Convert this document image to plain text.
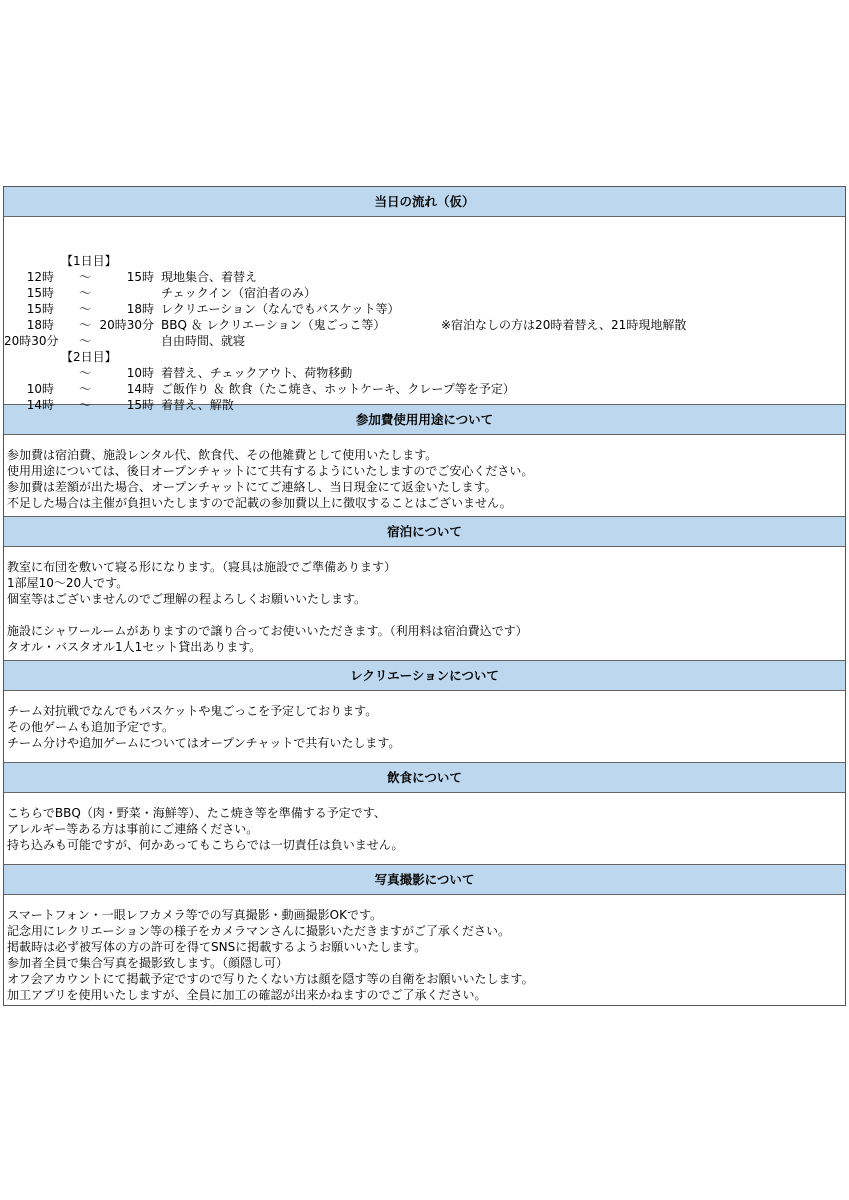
当日の流れ（仮）

【1日目】

12時 ～	15時 現地集合、着替え
15時 ～	チェックイン（宿泊者のみ）
15時 ～	18時 レクリエーション（なんでもバスケット等）
18時 ～ 20時30分 BBQ ＆ レクリエーション（鬼ごっこ等）	※宿泊なしの方は20時着替え、21時現地解散
20時30分 ～	自由時間、就寝

【2日目】

～	10時 着替え、チェックアウト、荷物移動
10時 ～	14時 ご飯作り ＆ 飲食（たこ焼き、ホットケーキ、クレープ等を予定）
14時 ～	15時 着替え、解散
参加費使用用途について
参加費は宿泊費、施設レンタル代、飲食代、その他雑費として使用いたします。
使用用途については、後日オープンチャットにて共有するようにいたしますのでご安心ください。
参加費は差額が出た場合、オープンチャットにてご連絡し、当日現金にて返金いたします。
不足した場合は主催が負担いたしますので記載の参加費以上に徴収することはございません。
宿泊について
教室に布団を敷いて寝る形になります。（寝具は施設でご準備あります）
1部屋10～20人です。
個室等はございませんのでご理解の程よろしくお願いいたします。
施設にシャワールームがありますので譲り合ってお使いいただきます。（利用料は宿泊費込です）
タオル・バスタオル1人1セット貸出あります。
レクリエーションについて
チーム対抗戦でなんでもバスケットや鬼ごっこを予定しております。
その他ゲームも追加予定です。
チーム分けや追加ゲームについてはオープンチャットで共有いたします。
飲食について
こちらでBBQ（肉・野菜・海鮮等）、たこ焼き等を準備する予定です、
アレルギー等ある方は事前にご連絡ください。
持ち込みも可能ですが、何かあってもこちらでは一切責任は負いません。
写真撮影について
スマートフォン・一眼レフカメラ等での写真撮影・動画撮影OKです。
記念用にレクリエーション等の様子をカメラマンさんに撮影いただきますがご了承ください。
掲載時は必ず被写体の方の許可を得てSNSに掲載するようお願いいたします。
参加者全員で集合写真を撮影致します。（顔隠し可）
オフ会アカウントにて掲載予定ですので写りたくない方は顔を隠す等の自衛をお願いいたします。
加工アプリを使用いたしますが、全員に加工の確認が出来かねますのでご了承ください。
